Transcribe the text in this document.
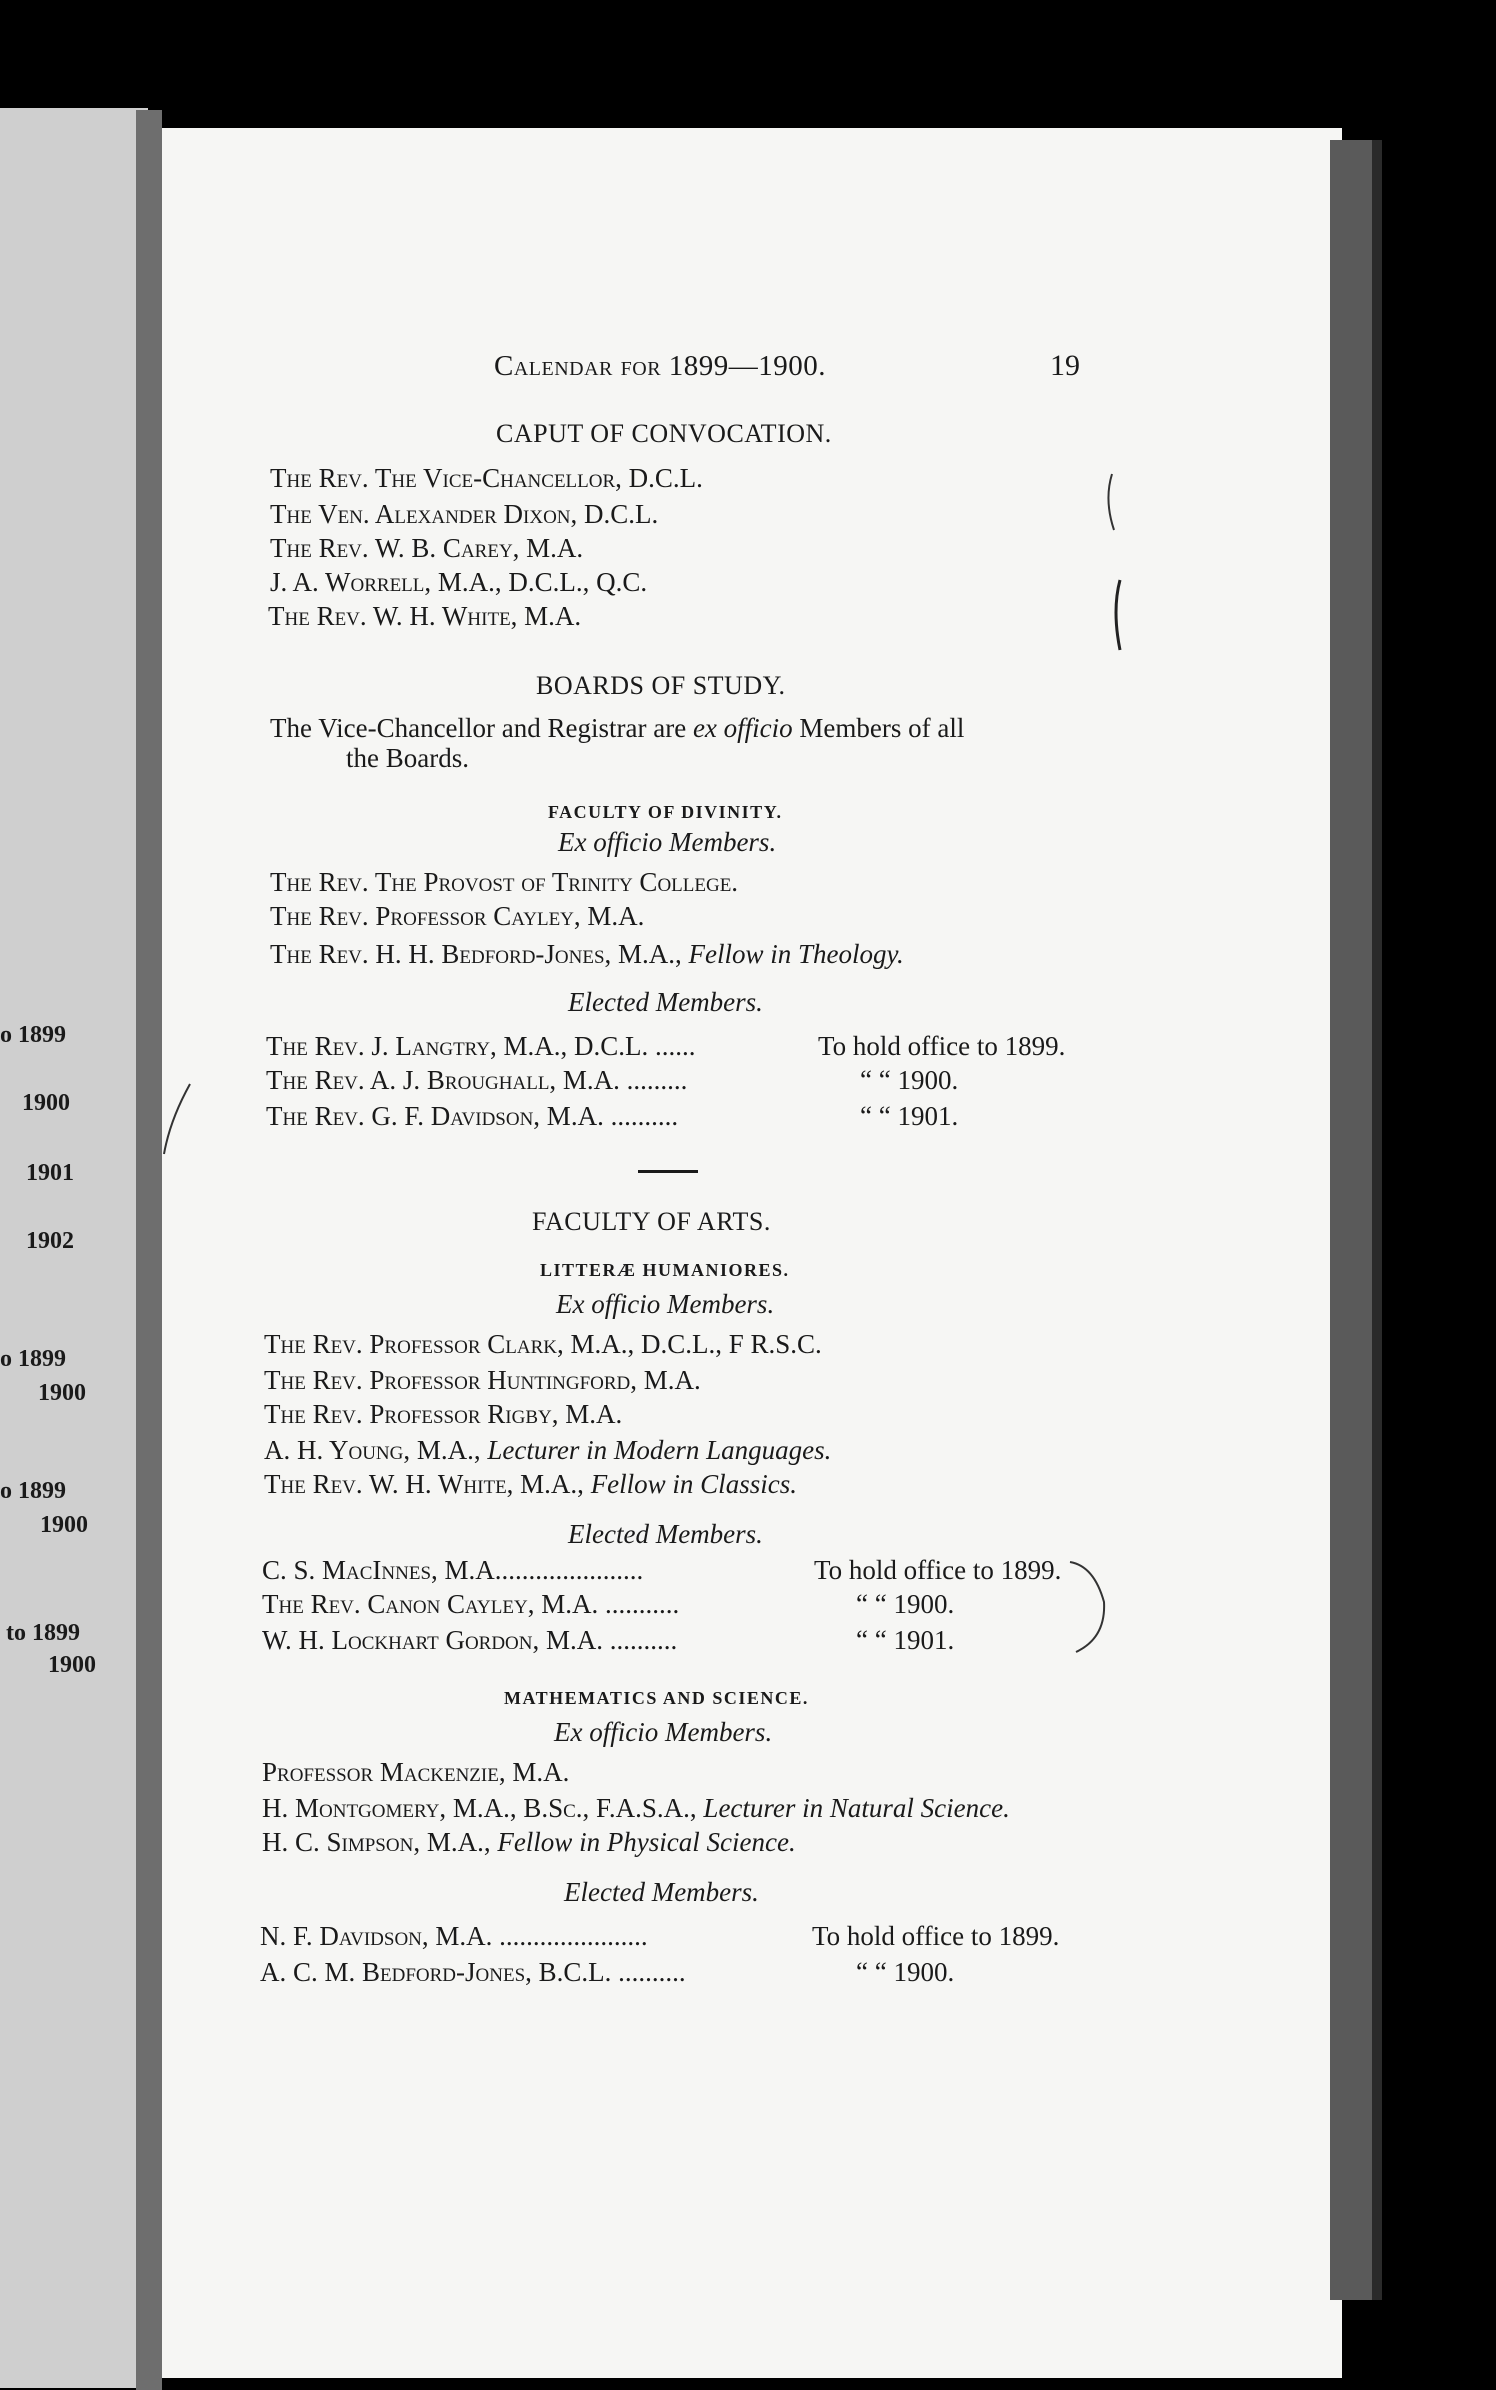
o 1899
1900
1901
1902
o 1899
1900
o 1899
1900
to 1899
1900
Calendar for 1899—1900.	19
CAPUT OF CONVOCATION.
The Rev. The Vice-Chancellor, D.C.L.
The Ven. Alexander Dixon, D.C.L.
The Rev. W. B. Carey, M.A.
J. A. Worrell, M.A., D.C.L., Q.C.
The Rev. W. H. White, M.A.
BOARDS OF STUDY.
The Vice-Chancellor and Registrar are ex officio Members of all
the Boards.
FACULTY OF DIVINITY.
Ex officio Members.
The Rev. The Provost of Trinity College.
The Rev. Professor Cayley, M.A.
The Rev. H. H. Bedford-Jones, M.A., Fellow in Theology.
Elected Members.
The Rev. J. Langtry, M.A., D.C.L. ......	To hold office to 1899.
The Rev. A. J. Broughall, M.A. .........	“ “ 1900.
The Rev. G. F. Davidson, M.A. ..........	“ “ 1901.
FACULTY OF ARTS.
LITTERÆ HUMANIORES.
Ex officio Members.
The Rev. Professor Clark, M.A., D.C.L., F R.S.C.
The Rev. Professor Huntingford, M.A.
The Rev. Professor Rigby, M.A.
A. H. Young, M.A., Lecturer in Modern Languages.
The Rev. W. H. White, M.A., Fellow in Classics.
Elected Members.
C. S. MacInnes, M.A......................	To hold office to 1899.
The Rev. Canon Cayley, M.A. ...........	“ “ 1900.
W. H. Lockhart Gordon, M.A. ..........	“ “ 1901.
MATHEMATICS AND SCIENCE.
Ex officio Members.
Professor Mackenzie, M.A.
H. Montgomery, M.A., B.Sc., F.A.S.A., Lecturer in Natural Science.
H. C. Simpson, M.A., Fellow in Physical Science.
Elected Members.
N. F. Davidson, M.A. ......................	To hold office to 1899.
A. C. M. Bedford-Jones, B.C.L. ..........	“ “ 1900.
